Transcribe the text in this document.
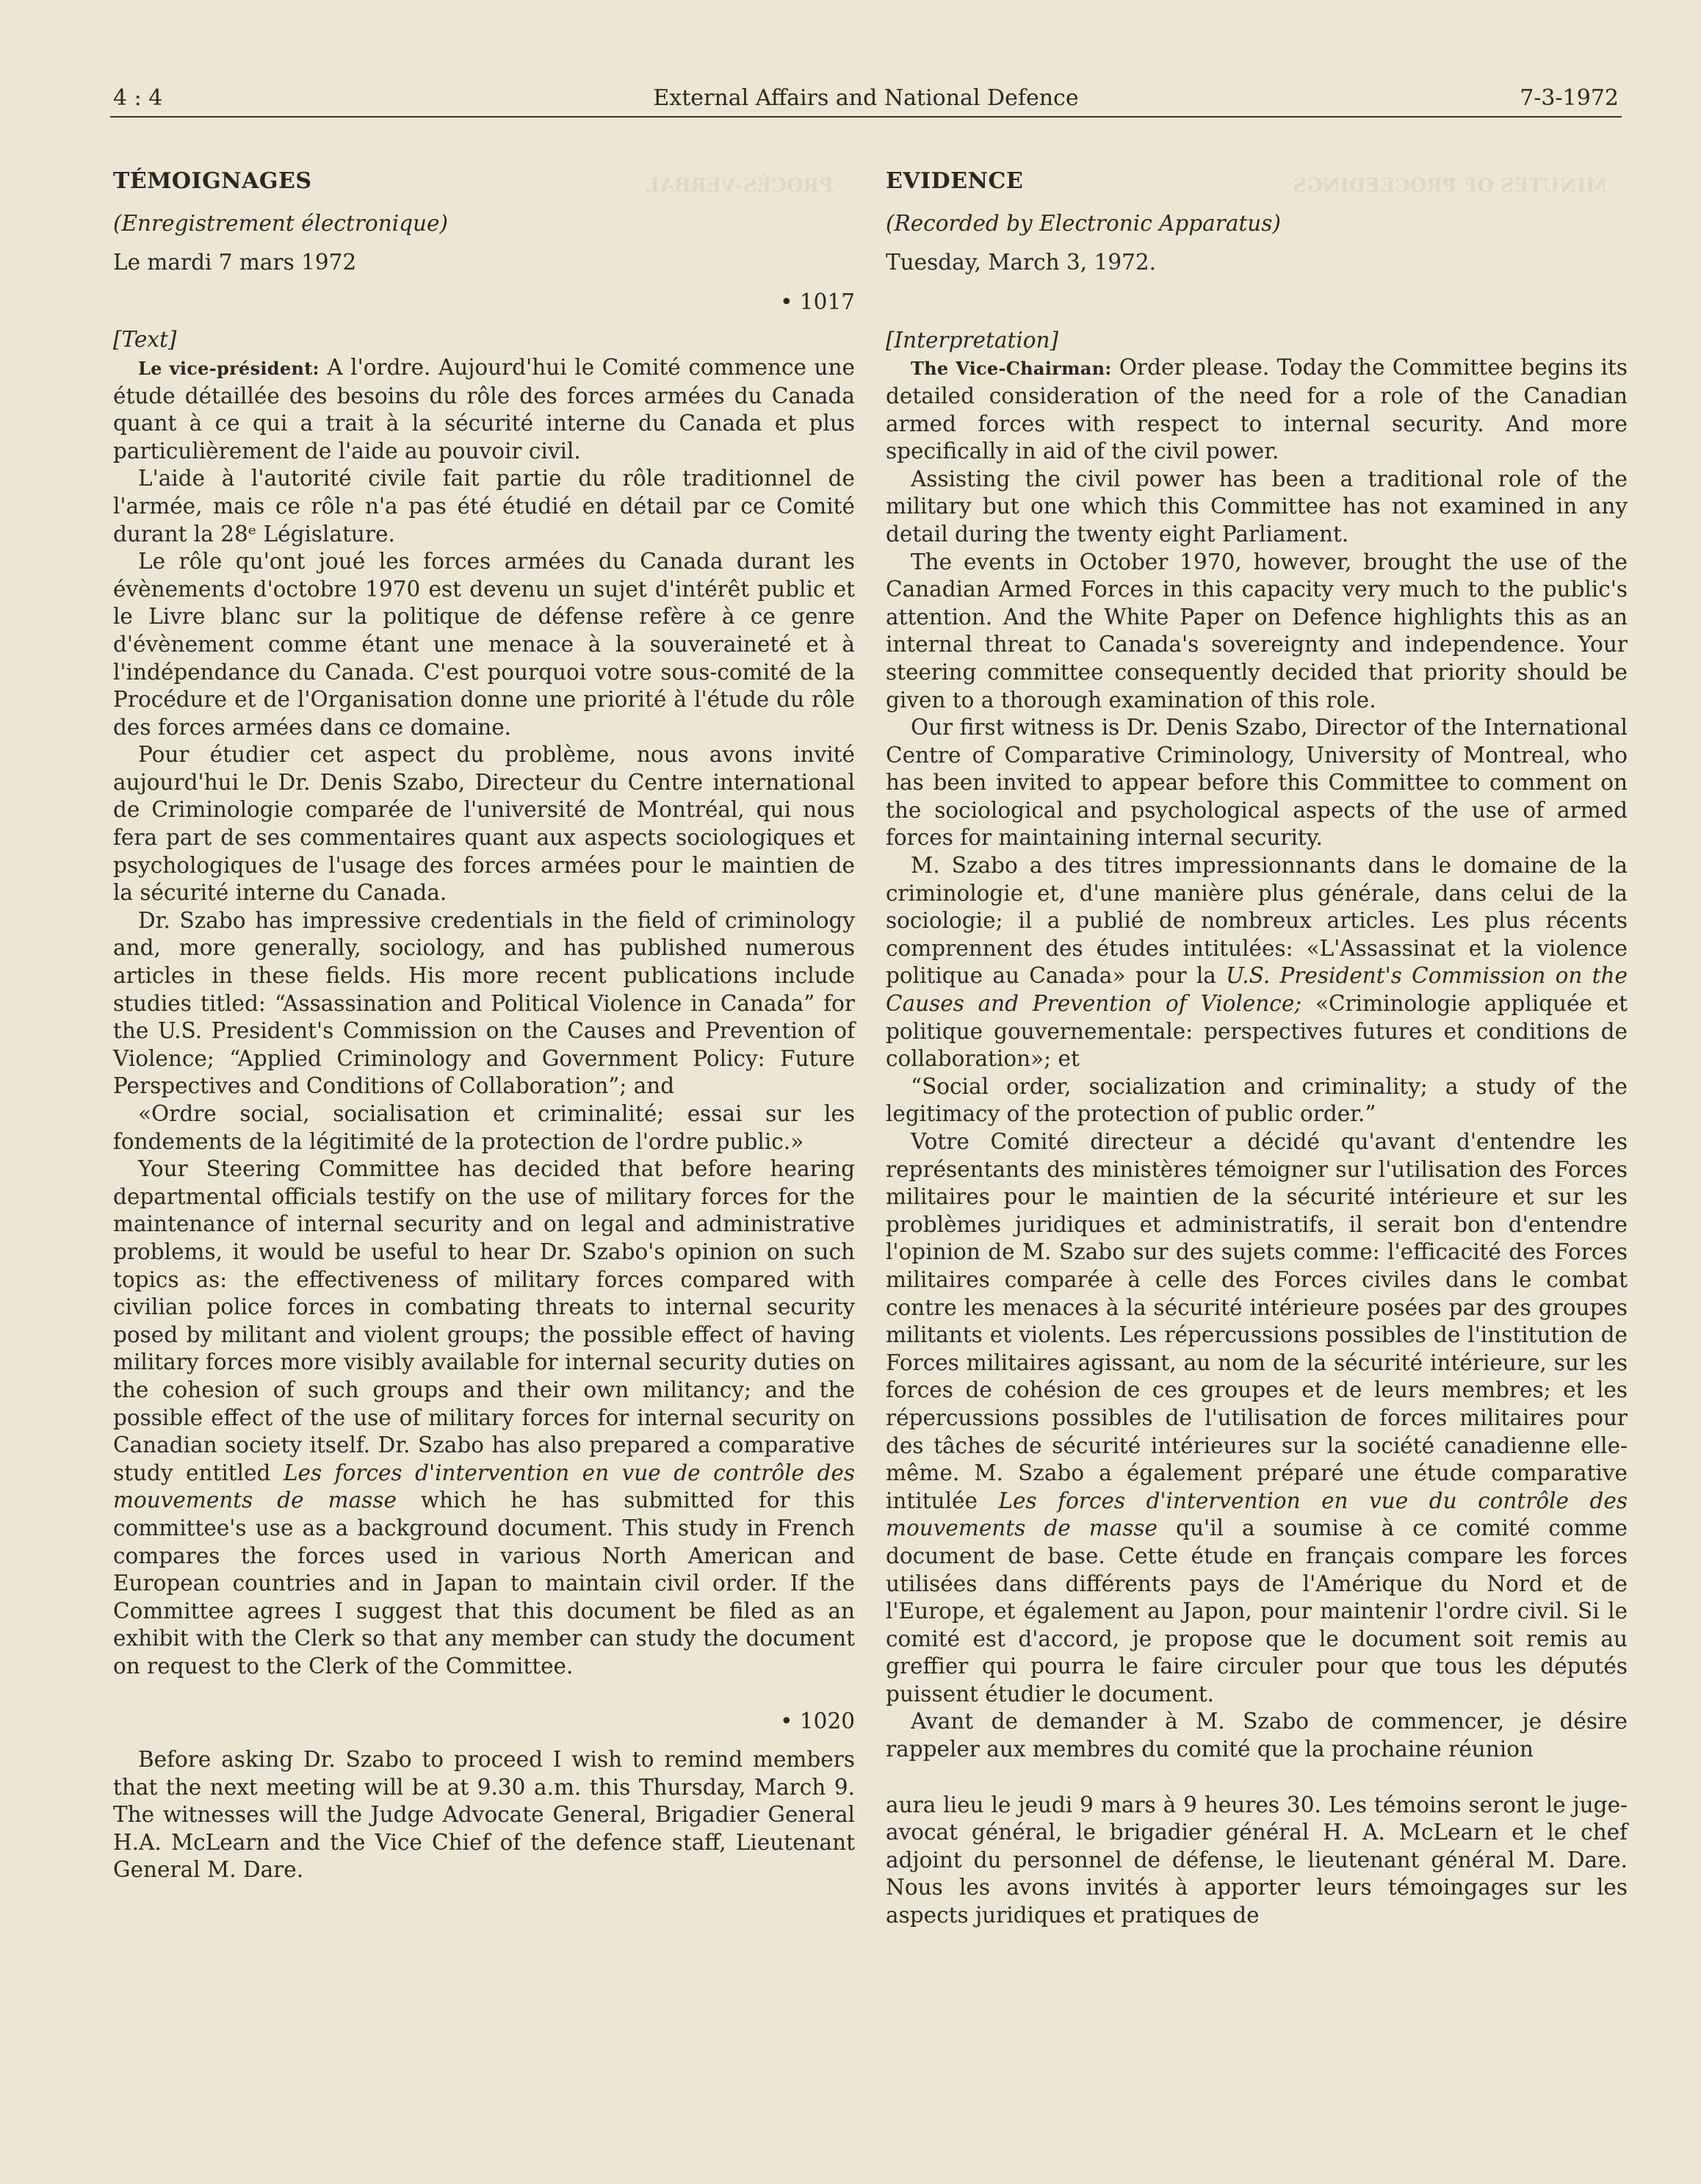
PROCÈS-VERBAL	MINUTES OF PROCEEDINGS
4 : 4	External Affairs and National Defence	7-3-1972

TÉMOIGNAGES

(Enregistrement électronique)

Le mardi 7 mars 1972

• 1017

[Text]

Le vice-président: A l'ordre. Aujourd'hui le Comité commence une étude détaillée des besoins du rôle des forces armées du Canada quant à ce qui a trait à la sécurité interne du Canada et plus particulièrement de l'aide au pouvoir civil.

L'aide à l'autorité civile fait partie du rôle traditionnel de l'armée, mais ce rôle n'a pas été étudié en détail par ce Comité durant la 28ᵉ Législature.

Le rôle qu'ont joué les forces armées du Canada durant les évènements d'octobre 1970 est devenu un sujet d'intérêt public et le Livre blanc sur la politique de défense refère à ce genre d'évènement comme étant une menace à la souveraineté et à l'indépendance du Canada. C'est pourquoi votre sous-comité de la Procédure et de l'Organisation donne une priorité à l'étude du rôle des forces armées dans ce domaine.

Pour étudier cet aspect du problème, nous avons invité aujourd'hui le Dr. Denis Szabo, Directeur du Centre international de Criminologie comparée de l'université de Montréal, qui nous fera part de ses commentaires quant aux aspects sociologiques et psychologiques de l'usage des forces armées pour le maintien de la sécurité interne du Canada.

Dr. Szabo has impressive credentials in the field of criminology and, more generally, sociology, and has published numerous articles in these fields. His more recent publications include studies titled: “Assassination and Political Violence in Canada” for the U.S. President's Commission on the Causes and Prevention of Violence; “Applied Criminology and Government Policy: Future Perspectives and Conditions of Collaboration”; and

«Ordre social, socialisation et criminalité; essai sur les fondements de la légitimité de la protection de l'ordre public.»

Your Steering Committee has decided that before hearing departmental officials testify on the use of military forces for the maintenance of internal security and on legal and administrative problems, it would be useful to hear Dr. Szabo's opinion on such topics as: the effectiveness of military forces compared with civilian police forces in combating threats to internal security posed by militant and violent groups; the possible effect of having military forces more visibly available for internal security duties on the cohesion of such groups and their own militancy; and the possible effect of the use of military forces for internal security on Canadian society itself. Dr. Szabo has also prepared a comparative study entitled Les forces d'intervention en vue de contrôle des mouvements de masse which he has submitted for this committee's use as a background document. This study in French compares the forces used in various North American and European countries and in Japan to maintain civil order. If the Committee agrees I suggest that this document be filed as an exhibit with the Clerk so that any member can study the document on request to the Clerk of the Committee.

• 1020

Before asking Dr. Szabo to proceed I wish to remind members that the next meeting will be at 9.30 a.m. this Thursday, March 9. The witnesses will the Judge Advocate General, Brigadier General H.A. McLearn and the Vice Chief of the defence staff, Lieutenant General M. Dare.

EVIDENCE

(Recorded by Electronic Apparatus)

Tuesday, March 3, 1972.

[Interpretation]

The Vice-Chairman: Order please. Today the Committee begins its detailed consideration of the need for a role of the Canadian armed forces with respect to internal security. And more specifically in aid of the civil power.

Assisting the civil power has been a traditional role of the military but one which this Committee has not examined in any detail during the twenty eight Parliament.

The events in October 1970, however, brought the use of the Canadian Armed Forces in this capacity very much to the public's attention. And the White Paper on Defence highlights this as an internal threat to Canada's sovereignty and independence. Your steering committee consequently decided that priority should be given to a thorough examination of this role.

Our first witness is Dr. Denis Szabo, Director of the International Centre of Comparative Criminology, University of Montreal, who has been invited to appear before this Committee to comment on the sociological and psychological aspects of the use of armed forces for maintaining internal security.

M. Szabo a des titres impressionnants dans le domaine de la criminologie et, d'une manière plus générale, dans celui de la sociologie; il a publié de nombreux articles. Les plus récents comprennent des études intitulées: «L'Assassinat et la violence politique au Canada» pour la U.S. President's Commission on the Causes and Prevention of Violence; «Criminologie appliquée et politique gouvernementale: perspectives futures et conditions de collaboration»; et

“Social order, socialization and criminality; a study of the legitimacy of the protection of public order.”

Votre Comité directeur a décidé qu'avant d'entendre les représentants des ministères témoigner sur l'utilisation des Forces militaires pour le maintien de la sécurité intérieure et sur les problèmes juridiques et administratifs, il serait bon d'entendre l'opinion de M. Szabo sur des sujets comme: l'efficacité des Forces militaires comparée à celle des Forces civiles dans le combat contre les menaces à la sécurité intérieure posées par des groupes militants et violents. Les répercussions possibles de l'institution de Forces militaires agissant, au nom de la sécurité intérieure, sur les forces de cohésion de ces groupes et de leurs membres; et les répercussions possibles de l'utilisation de forces militaires pour des tâches de sécurité intérieures sur la société canadienne elle-même. M. Szabo a également préparé une étude comparative intitulée Les forces d'intervention en vue du contrôle des mouvements de masse qu'il a soumise à ce comité comme document de base. Cette étude en français compare les forces utilisées dans différents pays de l'Amérique du Nord et de l'Europe, et également au Japon, pour maintenir l'ordre civil. Si le comité est d'accord, je propose que le document soit remis au greffier qui pourra le faire circuler pour que tous les députés puissent étudier le document.

Avant de demander à M. Szabo de commencer, je désire rappeler aux membres du comité que la prochaine réunion

aura lieu le jeudi 9 mars à 9 heures 30. Les témoins seront le juge-avocat général, le brigadier général H. A. McLearn et le chef adjoint du personnel de défense, le lieutenant général M. Dare. Nous les avons invités à apporter leurs témoingages sur les aspects juridiques et pratiques de
